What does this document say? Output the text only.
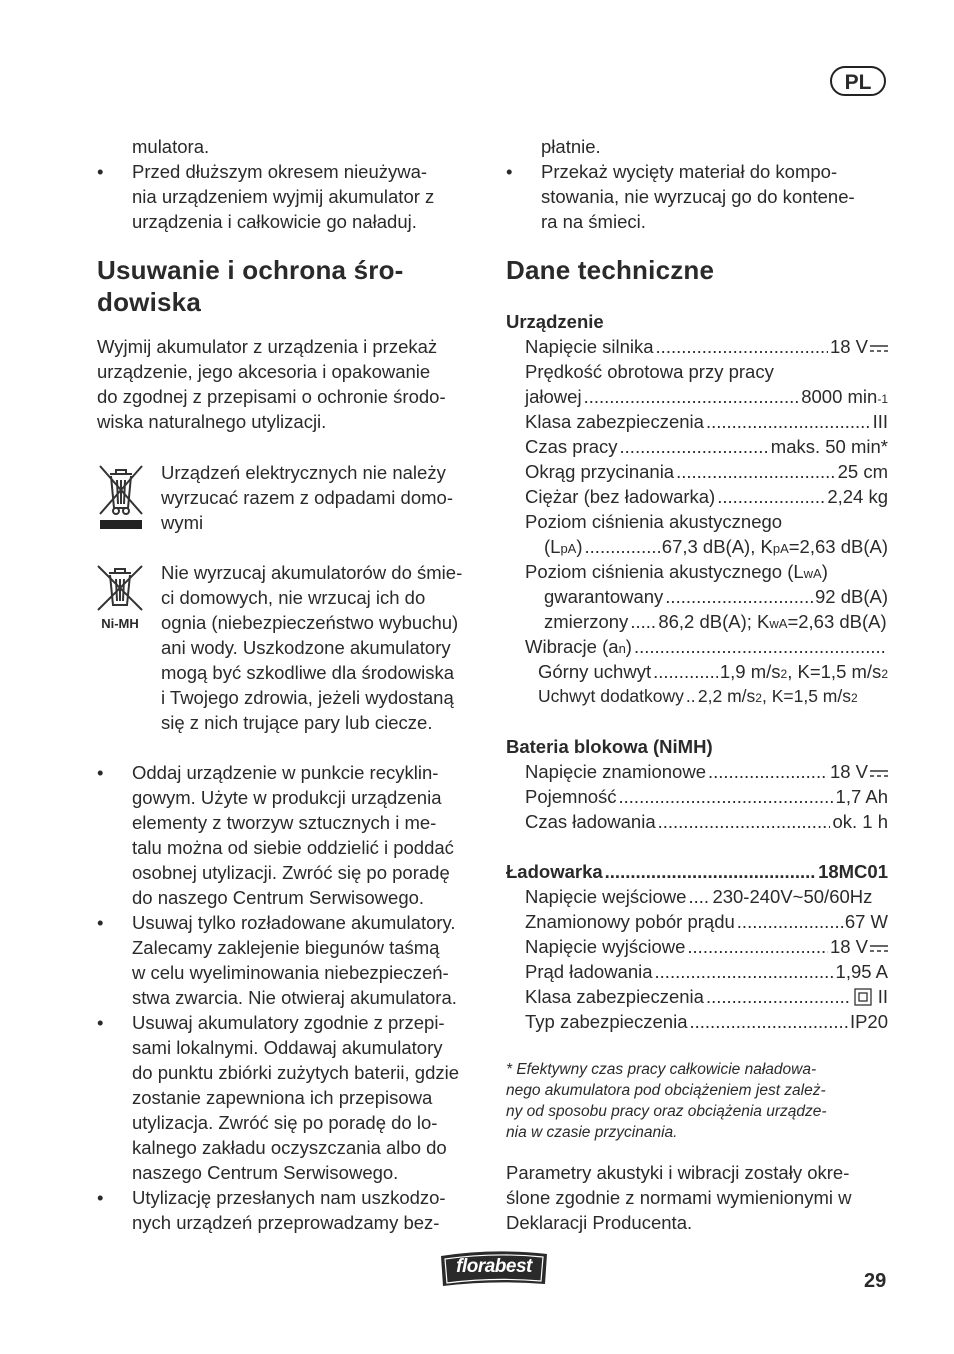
PL

mulatora.

• Przed dłuższym okresem nieużywa-

nia urządzeniem wyjmij akumulator z

urządzenia i całkowicie go naładuj.

Usuwanie i ochrona śro-

dowiska

Wyjmij akumulator z urządzenia i przekaż

urządzenie, jego akcesoria i opakowanie

do zgodnej z przepisami o ochronie środo-

wiska naturalnego utylizacji.

Urządzeń elektrycznych nie należy

wyrzucać razem z odpadami domo-

wymi

Ni-MH

Nie wyrzucaj akumulatorów do śmie-

ci domowych, nie wrzucaj ich do

ognia (niebezpieczeństwo wybuchu)

ani wody. Uszkodzone akumulatory

mogą być szkodliwe dla środowiska

i Twojego zdrowia, jeżeli wydostaną

się z nich trujące pary lub ciecze.

• Oddaj urządzenie w punkcie recyklin-

gowym. Użyte w produkcji urządzenia

elementy z tworzyw sztucznych i me-

talu można od siebie oddzielić i poddać

osobnej utylizacji. Zwróć się po poradę

do naszego Centrum Serwisowego.

• Usuwaj tylko rozładowane akumulatory.

Zalecamy zaklejenie biegunów taśmą

w celu wyeliminowania niebezpieczeń-

stwa zwarcia. Nie otwieraj akumulatora.

• Usuwaj akumulatory zgodnie z przepi-

sami lokalnymi. Oddawaj akumulatory

do punktu zbiórki zużytych baterii, gdzie

zostanie zapewniona ich przepisowa

utylizacja. Zwróć się po poradę do lo-

kalnego zakładu oczyszczania albo do

naszego Centrum Serwisowego.

• Utylizację przesłanych nam uszkodzo-

nych urządzeń przeprowadzamy bez-

płatnie.

• Przekaż wycięty materiał do kompo-

stowania, nie wyrzucaj go do kontene-

ra na śmieci.

Dane techniczne
Urządzenie
Napięcie silnika .....	18 V
Prędkość obrotowa przy pracy
jałowej .....	8000 min -1
Klasa zabezpieczenia .....	III
Czas pracy .....	maks. 50 min*
Okrąg przycinania .....	25 cm
Ciężar (bez ładowarka) .....	2,24 kg
Poziom ciśnienia akustycznego
(L pA ) .....	67,3 dB(A), K pA =2,63 dB(A)
Poziom ciśnienia akustycznego (L wA )
gwarantowany .....	92 dB(A)
zmierzony ..... 86,2 dB(A); K wA =2,63 dB(A)
Wibracje (a n )
.....
Górny uchwyt .....	1,9 m/s 2 , K=1,5 m/s 2
Uchwyt dodatkowy ..... 2,2 m/s 2 , K=1,5 m/s 2
Bateria blokowa (NiMH)
Napięcie znamionowe .....	18 V
Pojemność .....	1,7 Ah
Czas ładowania .....	ok. 1 h
Ładowarka .....	18MC01
Napięcie wejściowe ..... 230-240V~50/60Hz
Znamionowy pobór prądu .....	67 W
Napięcie wyjściowe .....	18 V
Prąd ładowania .....	1,95 A
Klasa zabezpieczenia .....	II
Typ zabezpieczenia .....	IP20
* Efektywny czas pracy całkowicie naładowa-
nego akumulatora pod obciążeniem jest zależ-
ny od sposobu pracy oraz obciążenia urządze-
nia w czasie przycinania.

Parametry akustyki i wibracji zostały okre-

ślone zgodnie z normami wymienionymi w

Deklaracji Producenta.

florabest
29
